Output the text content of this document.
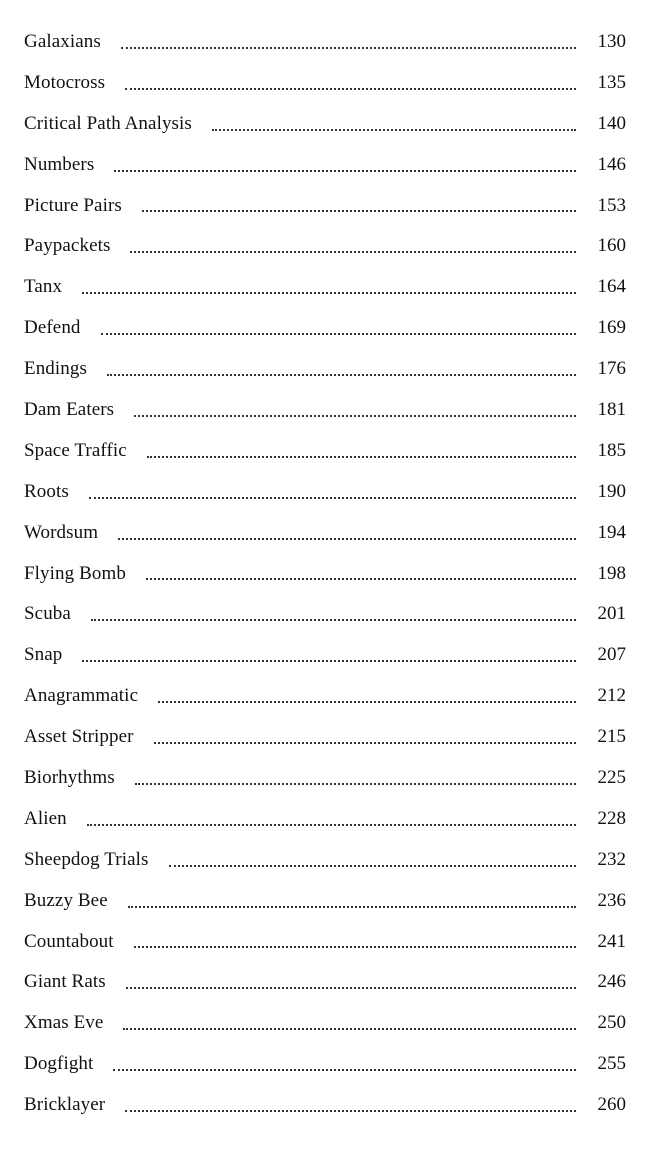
Galaxians	130
Motocross	135
Critical Path Analysis	140
Numbers	146
Picture Pairs	153
Paypackets	160
Tanx	164
Defend	169
Endings	176
Dam Eaters	181
Space Traffic	185
Roots	190
Wordsum	194
Flying Bomb	198
Scuba	201
Snap	207
Anagrammatic	212
Asset Stripper	215
Biorhythms	225
Alien	228
Sheepdog Trials	232
Buzzy Bee	236
Countabout	241
Giant Rats	246
Xmas Eve	250
Dogfight	255
Bricklayer	260
